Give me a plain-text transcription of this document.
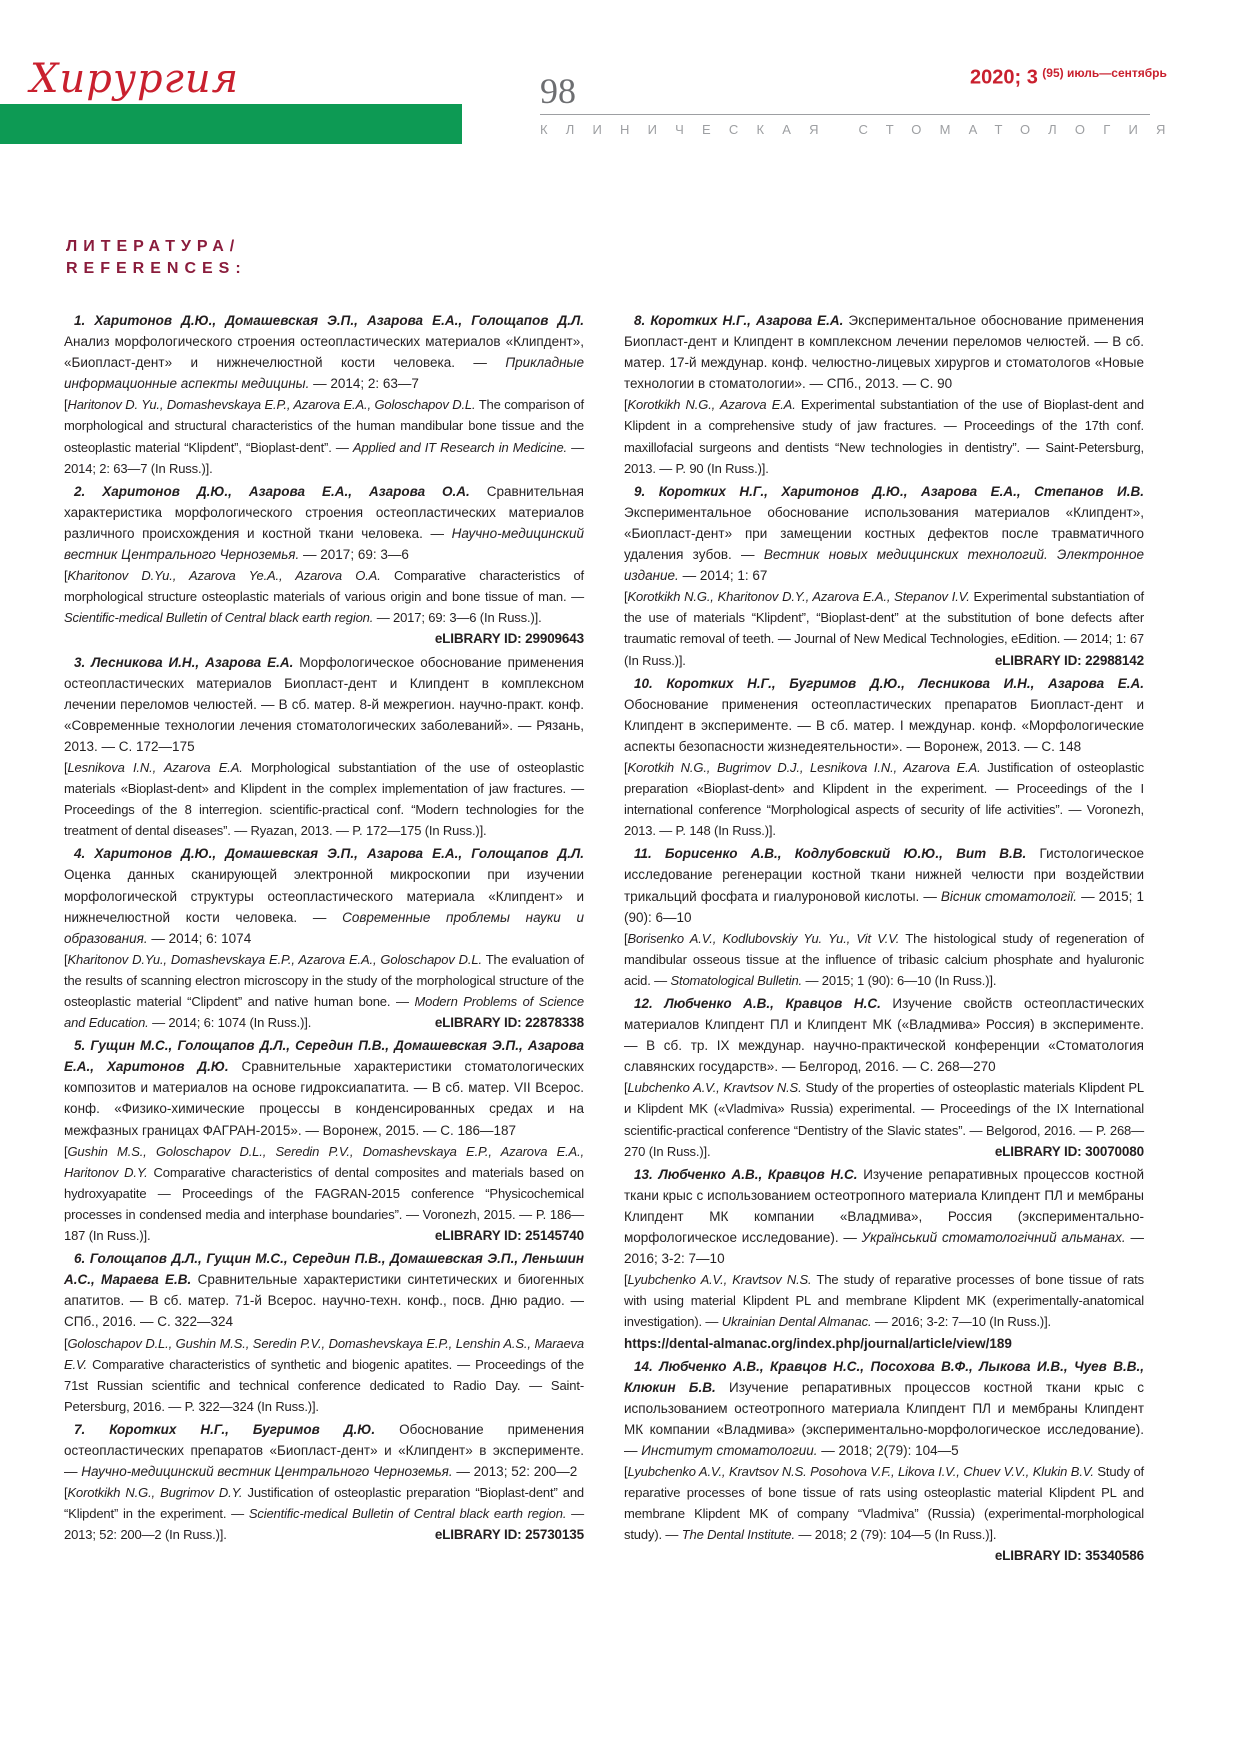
Хирургия	98	2020; 3 $^{(95) июль—сентябрь}$
КЛИНИЧЕСКАЯ СТОМАТОЛОГИЯ
ЛИТЕРАТУРА/
REFERENCES:
1. Харитонов Д.Ю., Домашевская Э.П., Азарова Е.А., Голощапов Д.Л. Анализ морфологического строения остеопластических материалов «Клипдент», «Биопласт-дент» и нижнечелюстной кости человека. — Прикладные информационные аспекты медицины. — 2014; 2: 63—7
[Haritonov D. Yu., Domashevskaya E.P., Azarova E.A., Goloschapov D.L. The comparison of morphological and structural characteristics of the human mandibular bone tissue and the osteoplastic material “Klipdent”, “Bioplast-dent”. — Applied and IT Research in Medicine. — 2014; 2: 63—7 (In Russ.)].
2. Харитонов Д.Ю., Азарова Е.А., Азарова О.А. Сравнительная характеристика морфологического строения остеопластических материалов различного происхождения и костной ткани человека. — Научно-медицинский вестник Центрального Черноземья. — 2017; 69: 3—6
[Kharitonov D.Yu., Azarova Ye.A., Azarova O.A. Comparative characteristics of morphological structure osteoplastic materials of various origin and bone tissue of man. — Scientific-medical Bulletin of Central black earth region. — 2017; 69: 3—6 (In Russ.)].
eLIBRARY ID: 29909643
3. Лесникова И.Н., Азарова Е.А. Морфологическое обоснование применения остеопластических материалов Биопласт-дент и Клипдент в комплексном лечении переломов челюстей. — В сб. матер. 8-й межрегион. научно-практ. конф. «Современные технологии лечения стоматологических заболеваний». — Рязань, 2013. — С. 172—175
[Lesnikova I.N., Azarova E.A. Morphological substantiation of the use of osteoplastic materials «Bioplast-dent» and Klipdent in the complex implementation of jaw fractures. — Proceedings of the 8 interregion. scientific-practical conf. “Modern technologies for the treatment of dental diseases”. — Ryazan, 2013. — P. 172—175 (In Russ.)].
4. Харитонов Д.Ю., Домашевская Э.П., Азарова Е.А., Голощапов Д.Л. Оценка данных сканирующей электронной микроскопии при изучении морфологической структуры остеопластического материала «Клипдент» и нижнечелюстной кости человека. — Современные проблемы науки и образования. — 2014; 6: 1074
[Kharitonov D.Yu., Domashevskaya E.P., Azarova E.A., Goloschapov D.L. The evaluation of the results of scanning electron microscopy in the study of the morphological structure of the osteoplastic material “Clipdent” and native human bone. — Modern Problems of Science and Education. — 2014; 6: 1074 (In Russ.)].	eLIBRARY ID: 22878338
5. Гущин М.С., Голощапов Д.Л., Середин П.В., Домашевская Э.П., Азарова Е.А., Харитонов Д.Ю. Сравнительные характеристики стоматологических композитов и материалов на основе гидроксиапатита. — В сб. матер. VII Всерос. конф. «Физико-химические процессы в конденсированных средах и на межфазных границах ФАГРАН-2015». — Воронеж, 2015. — С. 186—187
[Gushin M.S., Goloschapov D.L., Seredin P.V., Domashevskaya E.P., Azarova E.A., Haritonov D.Y. Comparative characteristics of dental composites and materials based on hydroxyapatite — Proceedings of the FAGRAN-2015 conference “Physicochemical processes in condensed media and interphase boundaries”. — Voronezh, 2015. — P. 186—187 (In Russ.)].	eLIBRARY ID: 25145740
6. Голощапов Д.Л., Гущин М.С., Середин П.В., Домашевская Э.П., Леньшин А.С., Мараева Е.В. Сравнительные характеристики синтетических и биогенных апатитов. — В сб. матер. 71-й Всерос. научно-техн. конф., посв. Дню радио. — СПб., 2016. — С. 322—324
[Goloschapov D.L., Gushin M.S., Seredin P.V., Domashevskaya E.P., Lenshin A.S., Maraeva E.V. Comparative characteristics of synthetic and biogenic apatites. — Proceedings of the 71st Russian scientific and technical conference dedicated to Radio Day. — Saint-Petersburg, 2016. — P. 322—324 (In Russ.)].
7. Коротких Н.Г., Бугримов Д.Ю. Обоснование применения остеопластических препаратов «Биопласт-дент» и «Клипдент» в эксперименте. — Научно-медицинский вестник Центрального Черноземья. — 2013; 52: 200—2
[Korotkikh N.G., Bugrimov D.Y. Justification of osteoplastic preparation “Bioplast-dent” and “Klipdent” in the experiment. — Scientific-medical Bulletin of Central black earth region. — 2013; 52: 200—2 (In Russ.)].	eLIBRARY ID: 25730135
8. Коротких Н.Г., Азарова Е.А. Экспериментальное обоснование применения Биопласт-дент и Клипдент в комплексном лечении переломов челюстей. — В сб. матер. 17-й междунар. конф. челюстно-лицевых хирургов и стоматологов «Новые технологии в стоматологии». — СПб., 2013. — С. 90
[Korotkikh N.G., Azarova E.A. Experimental substantiation of the use of Bioplast-dent and Klipdent in a comprehensive study of jaw fractures. — Proceedings of the 17th conf. maxillofacial surgeons and dentists “New technologies in dentistry”. — Saint-Petersburg, 2013. — P. 90 (In Russ.)].
9. Коротких Н.Г., Харитонов Д.Ю., Азарова Е.А., Степанов И.В. Экспериментальное обоснование использования материалов «Клипдент», «Биопласт-дент» при замещении костных дефектов после травматичного удаления зубов. — Вестник новых медицинских технологий. Электронное издание. — 2014; 1: 67
[Korotkikh N.G., Kharitonov D.Y., Azarova E.A., Stepanov I.V. Experimental substantiation of the use of materials “Klipdent”, “Bioplast-dent” at the substitution of bone defects after traumatic removal of teeth. — Journal of New Medical Technologies, eEdition. — 2014; 1: 67 (In Russ.)].	eLIBRARY ID: 22988142
10. Коротких Н.Г., Бугримов Д.Ю., Лесникова И.Н., Азарова Е.А. Обоснование применения остеопластических препаратов Биопласт-дент и Клипдент в эксперименте. — В сб. матер. I междунар. конф. «Морфологические аспекты безопасности жизнедеятельности». — Воронеж, 2013. — С. 148
[Korotkih N.G., Bugrimov D.J., Lesnikova I.N., Azarova E.A. Justification of osteoplastic preparation «Bioplast-dent» and Klipdent in the experiment. — Proceedings of the I international conference “Morphological aspects of security of life activities”. — Voronezh, 2013. — P. 148 (In Russ.)].
11. Борисенко А.В., Кодлубовский Ю.Ю., Вит В.В. Гистологическое исследование регенерации костной ткани нижней челюсти при воздействии трикальций фосфата и гиалуроновой кислоты. — Вісник стоматології. — 2015; 1 (90): 6—10
[Borisenko A.V., Kodlubovskiy Yu. Yu., Vit V.V. The histological study of regeneration of mandibular osseous tissue at the influence of tribasic calcium phosphate and hyaluronic acid. — Stomatological Bulletin. — 2015; 1 (90): 6—10 (In Russ.)].
12. Любченко А.В., Кравцов Н.С. Изучение свойств остеопластических материалов Клипдент ПЛ и Клипдент МК («Владмива» Россия) в эксперименте. — В сб. тр. IX междунар. научно-практической конференции «Стоматология славянских государств». — Белгород, 2016. — С. 268—270
[Lubchenko A.V., Kravtsov N.S. Study of the properties of osteoplastic materials Klipdent PL и Klipdent MK («Vladmiva» Russia) experimental. — Proceedings of the IX International scientific-practical conference “Dentistry of the Slavic states”. — Belgorod, 2016. — P. 268—270 (In Russ.)].	eLIBRARY ID: 30070080
13. Любченко А.В., Кравцов Н.С. Изучение репаративных процессов костной ткани крыс с использованием остеотропного материала Клипдент ПЛ и мембраны Клипдент МК компании «Владмива», Россия (экспериментально-морфологическое исследование). — Український стоматологічний альманах. — 2016; 3-2: 7—10
[Lyubchenko A.V., Kravtsov N.S. The study of reparative processes of bone tissue of rats with using material Klipdent PL and membrane Klipdent MK (experimentally-anatomical investigation). — Ukrainian Dental Almanac. — 2016; 3-2: 7—10 (In Russ.)].
https://dental-almanac.org/index.php/journal/article/view/189
14. Любченко А.В., Кравцов Н.С., Посохова В.Ф., Лыкова И.В., Чуев В.В., Клюкин Б.В. Изучение репаративных процессов костной ткани крыс с использованием остеотропного материала Клипдент ПЛ и мембраны Клипдент МК компании «Владмива» (экспериментально-морфологическое исследование). — Институт стоматологии. — 2018; 2(79): 104—5
[Lyubchenko A.V., Kravtsov N.S. Posohova V.F., Likova I.V., Chuev V.V., Klukin B.V. Study of reparative processes of bone tissue of rats using osteoplastic material Klipdent PL and membrane Klipdent MK of company “Vladmiva” (Russia) (experimental-morphological study). — The Dental Institute. — 2018; 2 (79): 104—5 (In Russ.)].
eLIBRARY ID: 35340586
